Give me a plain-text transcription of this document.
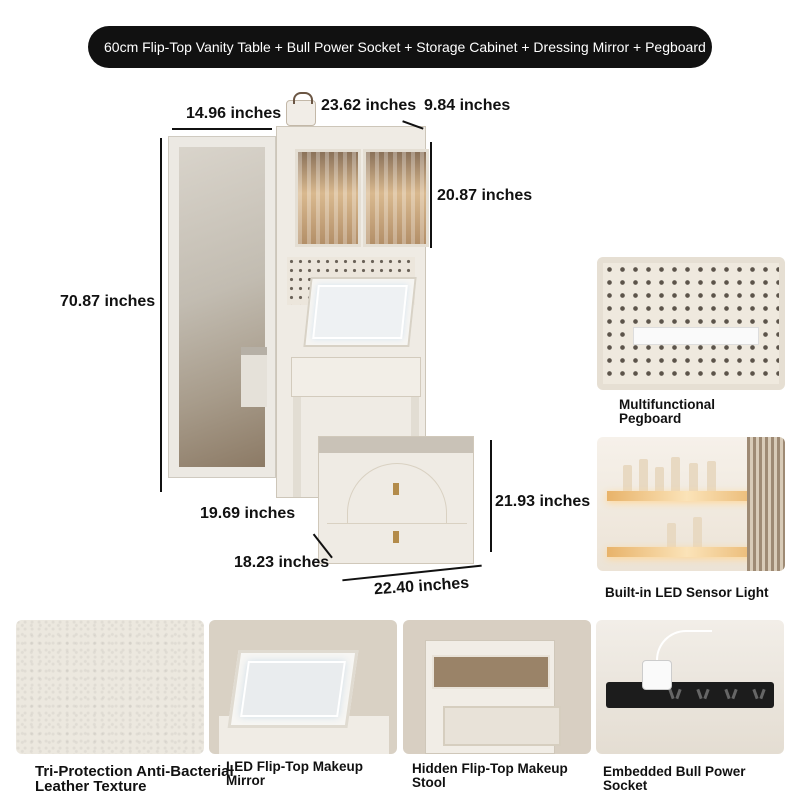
60cm Flip-Top Vanity Table + Bull Power Socket + Storage Cabinet + Dressing Mirror + Pegboard
14.96 inches 23.62 inches 9.84 inches
20.87 inches
70.87 inches
21.93 inches
19.69 inches
18.23 inches
22.40 inches
Multifunctional Pegboard
Built-in LED Sensor Light
Tri-Protection Anti-Bacterial Leather Texture
LED Flip-Top Makeup Mirror
Hidden Flip-Top Makeup Stool
Embedded Bull Power Socket
